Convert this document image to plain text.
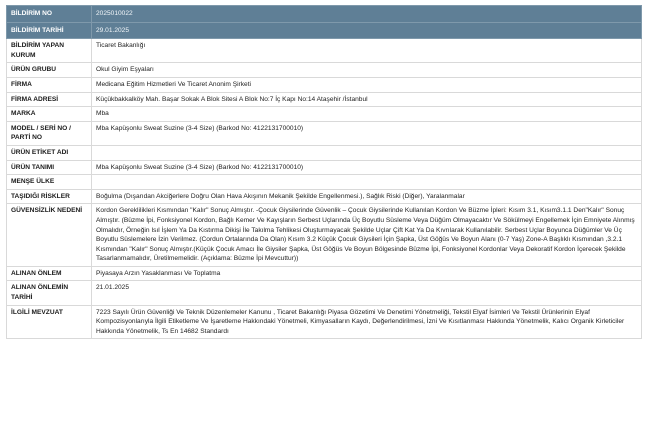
BİLDİRİM NO	2025010022
BİLDİRİM TARİHİ	29.01.2025
BİLDİRİM YAPAN KURUM	Ticaret Bakanlığı
ÜRÜN GRUBU	Okul Giyim Eşyaları
FİRMA	Medicana Eğitim Hizmetleri Ve Ticaret Anonim Şirketi
FİRMA ADRESİ	Küçükbakkalköy Mah. Başar Sokak A Blok Sitesi A Blok No:7 İç Kapı No:14 Ataşehir /İstanbul
MARKA	Mba
MODEL / SERİ NO / PARTİ NO	Mba Kapüşonlu Sweat Suzine (3-4 Size) (Barkod No: 4122131700010)
ÜRÜN ETİKET ADI	
ÜRÜN TANIMI	Mba Kapüşonlu Sweat Suzine (3-4 Size) (Barkod No: 4122131700010)
MENŞE ÜLKE	
TAŞIDIĞI RİSKLER	Boğulma (Dışarıdan Akciğerlere Doğru Olan Hava Akışının Mekanik Şekilde Engellenmesi.), Sağlık Riski (Diğer), Yaralanmalar
GÜVENSİZLİK NEDENİ	Kordon Gereklilikleri Kısmından "Kalır" Sonuç Almıştır. -Çocuk Giysilerinde Güvenlik – Çocuk Giysilerinde Kullanılan Kordon Ve Büzme İpleri: Kısım 3.1, Kısım3.1.1 Den"Kalır" Sonuç Almıştır. (Büzme İpi, Fonksiyonel Kordon, Bağlı Kemer Ve Kayışların Serbest Uçlarında Üç Boyutlu Süsleme Veya Düğüm Olmayacaktır Ve Sökülmeyi Engellemek İçin Emniyete Alınmış Olmalıdır, Örneğin Isıl İşlem Ya Da Kıstırma Dikişi İle Takılma Tehlikesi Oluşturmayacak Şekilde Uçlar Çift Kat Ya Da Kıvrılarak Kullanılabilir. Serbest Uçlar Boyunca Düğümler Ve Üç Boyutlu Süslemelere İzin Verilmez. (Cordun Ortalarında Da Olan) Kısım 3.2 Küçük Çocuk Giysileri İçin Şapka, Üst Göğüs Ve Boyun Alanı (0-7 Yaş) Zone-A Başlıklı Kısmından ,3.2.1 Kısmından "Kalır" Sonuç Almıştır.(Küçük Çocuk Amacı İle Giysiler Şapka, Üst Göğüs Ve Boyun Bölgesinde Büzme İpi, Fonksiyonel Kordonlar Veya Dekoratif Kordon İçerecek Şekilde Tasarlanmamalıdır, Üretilmemelidir. (Açıklama: Büzme İpi Mevcuttur))
ALINAN ÖNLEM	Piyasaya Arzın Yasaklanması Ve Toplatma
ALINAN ÖNLEMİN TARİHİ	21.01.2025
İLGİLİ MEVZUAT	7223 Sayılı Ürün Güvenliği Ve Teknik Düzenlemeler Kanunu , Ticaret Bakanlığı Piyasa Gözetimi Ve Denetimi Yönetmeliği, Tekstil Elyaf İsimleri Ve Tekstil Ürünlerinin Elyaf Kompozisyonlarıyla İlgili Etiketleme Ve İşaretleme Hakkındaki Yönetmeli, Kimyasalların Kaydı, Değerlendirilmesi, İzni Ve Kısıtlanması Hakkında Yönetmelik, Kalıcı Organik Kirleticiler Hakkında Yönetmelik, Ts En 14682 Standardı
